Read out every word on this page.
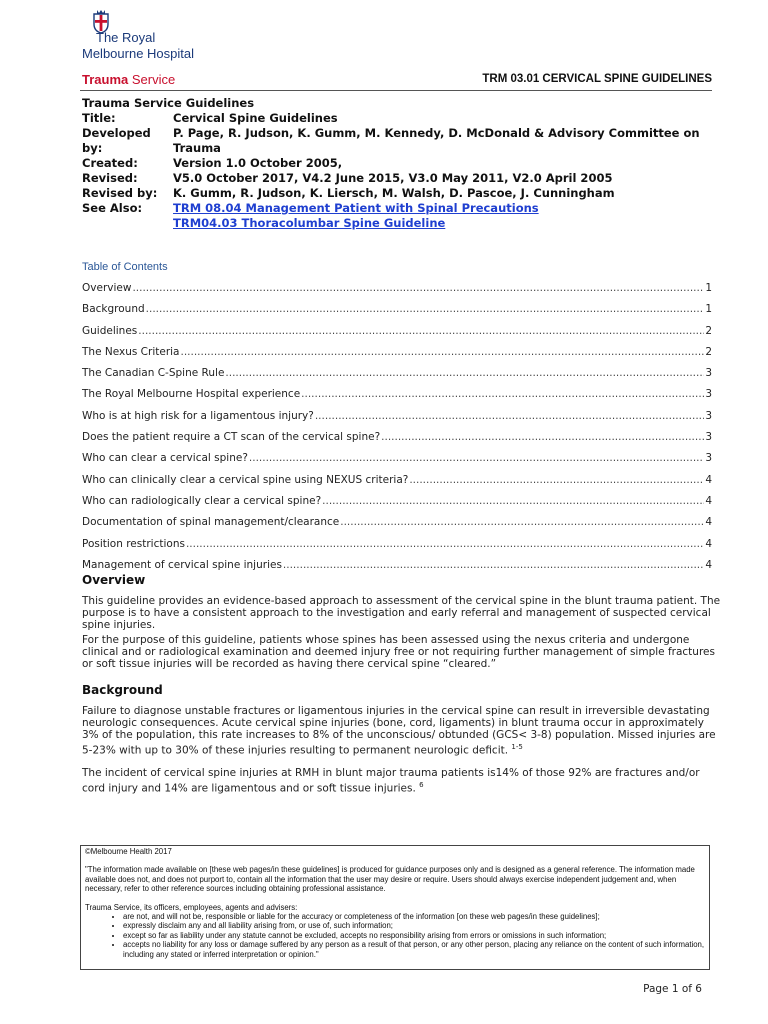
The Royal
Melbourne Hospital
Trauma Service	TRM 03.01 CERVICAL SPINE GUIDELINES
Trauma Service Guidelines
Title:	Cervical Spine Guidelines
Developed by:
P. Page, R. Judson, K. Gumm, M. Kennedy, D. McDonald & Advisory Committee on Trauma
Created:	Version 1.0 October 2005,
Revised:	V5.0 October 2017, V4.2 June 2015, V3.0 May 2011, V2.0 April 2005
Revised by:	K. Gumm, R. Judson, K. Liersch, M. Walsh, D. Pascoe, J. Cunningham
See Also:	TRM 08.04 Management Patient with Spinal Precautions
TRM04.03 Thoracolumbar Spine Guideline
Table of Contents
Overview .....	1
Background .....	1
Guidelines .....	2
The Nexus Criteria .....	2
The Canadian C-Spine Rule .....	3
The Royal Melbourne Hospital experience .....	3
Who is at high risk for a ligamentous injury? .....	3
Does the patient require a CT scan of the cervical spine? .....	3
Who can clear a cervical spine? .....	3
Who can clinically clear a cervical spine using NEXUS criteria? .....	4
Who can radiologically clear a cervical spine? .....	4
Documentation of spinal management/clearance .....	4
Position restrictions .....	4
Management of cervical spine injuries .....	4
Overview
This guideline provides an evidence-based approach to assessment of the cervical spine in the blunt trauma patient. The purpose is to have a consistent approach to the investigation and early referral and management of suspected cervical spine injuries.
For the purpose of this guideline, patients whose spines has been assessed using the nexus criteria and undergone clinical and or radiological examination and deemed injury free or not requiring further management of simple fractures or soft tissue injuries will be recorded as having there cervical spine “cleared.”
Background
Failure to diagnose unstable fractures or ligamentous injuries in the cervical spine can result in irreversible devastating neurologic consequences. Acute cervical spine injuries (bone, cord, ligaments) in blunt trauma occur in approximately 3% of the population, this rate increases to 8% of the unconscious/ obtunded (GCS< 3-8) population. Missed injuries are 5-23% with up to 30% of these injuries resulting to permanent neurologic deficit. $^{1-5}$
The incident of cervical spine injuries at RMH in blunt major trauma patients is14% of those 92% are fractures and/or cord injury and 14% are ligamentous and or soft tissue injuries. $^6$

©Melbourne Health 2017

"The information made available on [these web pages/in these guidelines] is produced for guidance purposes only and is designed as a general reference. The information made available does not, and does not purport to, contain all the information that the user may desire or require. Users should always exercise independent judgement and, when necessary, refer to other reference sources including obtaining professional assistance.

Trauma Service, its officers, employees, agents and advisers:

• are not, and will not be, responsible or liable for the accuracy or completeness of the information [on these web pages/in these guidelines];
• expressly disclaim any and all liability arising from, or use of, such information;
• except so far as liability under any statute cannot be excluded, accepts no responsibility arising from errors or omissions in such information;
• accepts no liability for any loss or damage suffered by any person as a result of that person, or any other person, placing any reliance on the content of such information, including any stated or inferred interpretation or opinion."
Page 1 of 6
